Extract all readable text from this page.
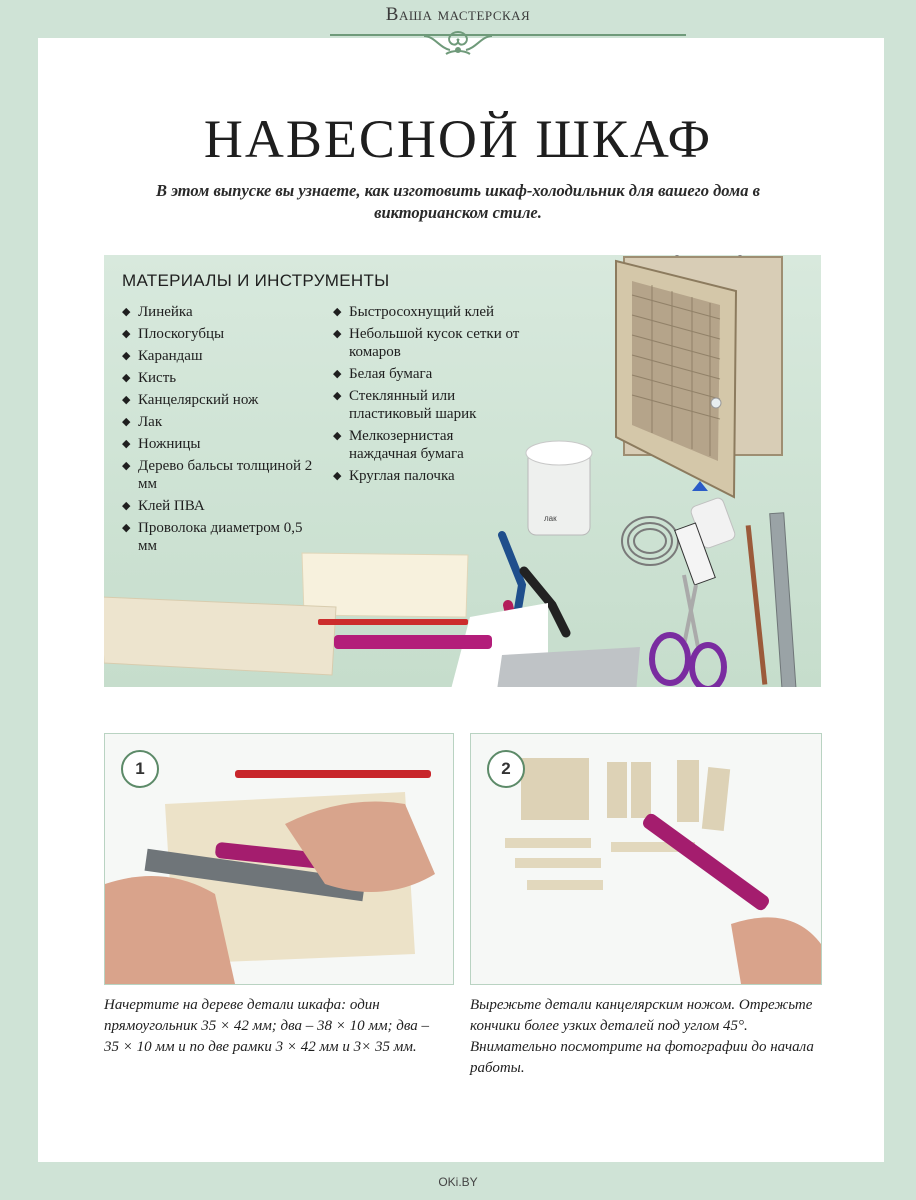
Ваша мастерская
НАВЕСНОЙ ШКАФ

В этом выпуске вы узнаете, как изготовить шкаф-холодильник для вашего дома в викторианском стиле.

лак
МАТЕРИАЛЫ И ИНСТРУМЕНТЫ
◆ Линейка
◆ Плоскогубцы
◆ Карандаш
◆ Кисть
◆ Канцелярский нож
◆ Лак
◆ Ножницы
◆ Дерево бальсы толщиной 2 мм
◆ Клей ПВА
◆ Проволока диаметром 0,5 мм
◆ Быстросохнущий клей
◆ Небольшой кусок сетки от комаров
◆ Белая бумага
◆ Стеклянный или пластиковый шарик
◆ Мелкозернистая наждачная бумага
◆ Круглая палочка
1	2

Начертите на дереве детали шкафа: один прямоугольник 35 × 42 мм; два – 38 × 10 мм; два – 35 × 10 мм и по две рамки 3 × 42 мм и 3× 35 мм.

Вырежьте детали канцелярским ножом. Отрежьте кончики более узких деталей под углом 45°. Внимательно посмотрите на фотографии до начала работы.

OKi.BY
